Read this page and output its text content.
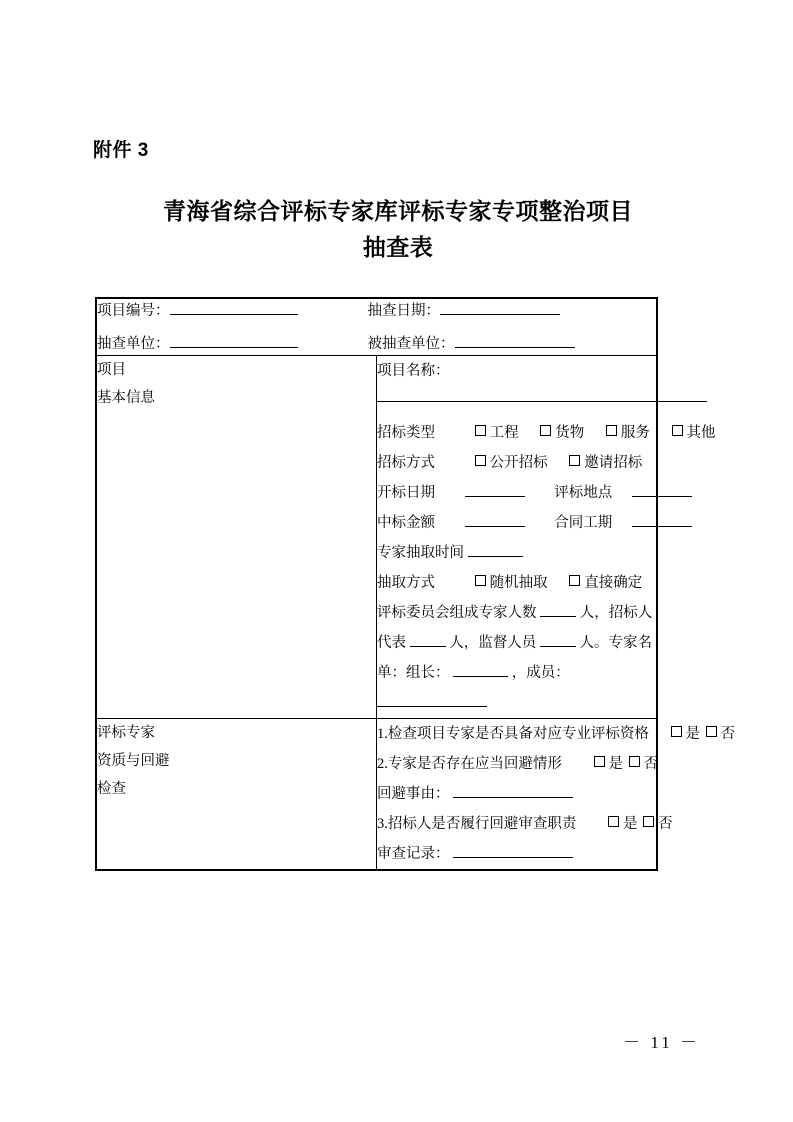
附件 3
青海省综合评标专家库评标专家专项整治项目
抽查表
项目编号： 抽查日期：
抽查单位： 被抽查单位：	

项目
基本信息

项目名称：
招标类型	工程	货物	服务	其他
招标方式	公开招标	邀请招标
开标日期	评标地点
中标金额	合同工期
专家抽取时间
抽取方式	随机抽取	直接确定
评标委员会组成专家人数	人，招标人代表	人，监督人员	人。专家名单：组长：	，成员：

评标专家
资质与回避
检查

1.检查项目专家是否具备对应专业评标资格	是 否
2.专家是否存在应当回避情形	是 否
回避事由：
3.招标人是否履行回避审查职责	是 否
审查记录：
－ 11 －
